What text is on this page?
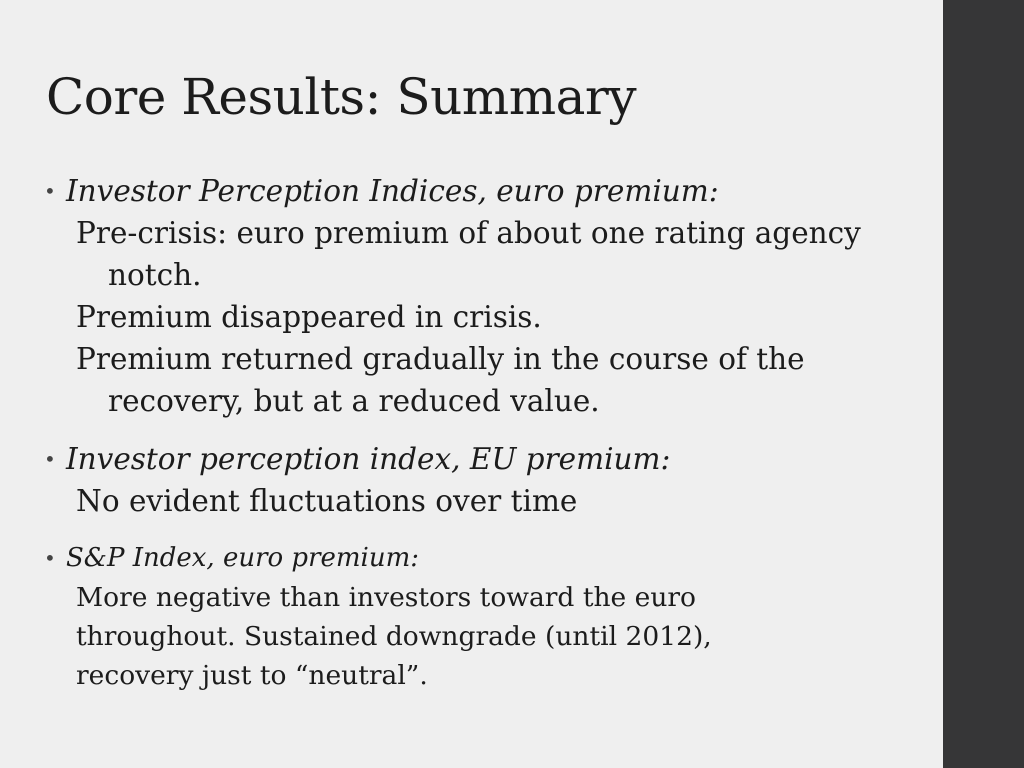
Core Results: Summary
• Investor Perception Indices, euro premium:
Pre-crisis: euro premium of about one rating agency notch.
Premium disappeared in crisis.
Premium returned gradually in the course of the recovery, but at a reduced value.
• Investor perception index, EU premium:
No evident fluctuations over time
• S&P Index, euro premium:
More negative than investors toward the euro throughout. Sustained downgrade (until 2012), recovery just to “neutral”.
